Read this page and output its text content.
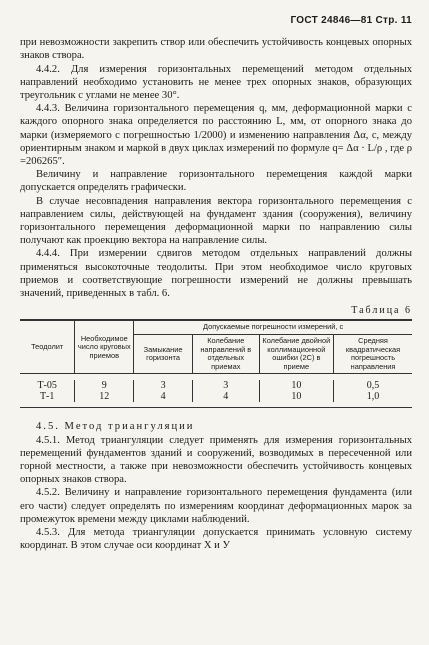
ГОСТ 24846—81 Стр. 11

при невозможности закрепить створ или обеспечить устойчивость концевых опорных знаков створа.

4.4.2. Для измерения горизонтальных перемещений методом отдельных направлений необходимо установить не менее трех опорных знаков, образующих треугольник с углами не менее 30°.

4.4.3. Величина горизонтального перемещения q, мм, деформационной марки с каждого опорного знака определяется по расстоянию L, мм, от опорного знака до марки (измеряемого с погрешностью 1/2000) и изменению направления Δα, с, между ориентирным знаком и маркой в двух циклах измерений по формуле q= Δα · L/ρ , где ρ =206265″.

Величину и направление горизонтального перемещения каждой марки допускается определять графически.

В случае несовпадения направления вектора горизонтального перемещения с направлением силы, действующей на фундамент здания (сооружения), величину горизонтального перемещения деформационной марки по направлению силы получают как проекцию вектора на направление силы.

4.4.4. При измерении сдвигов методом отдельных направлений должны применяться высокоточные теодолиты. При этом необходимое число круговых приемов и соответствующие погрешности измерений не должны превышать значений, приведенных в табл. 6.

Таблица 6
Теодолит	Необходимое число круговых приемов	Допускаемые погрешности измерений, с			
		Замыкание горизонта	Колебание направлений в отдельных приемах	Колебание двойной коллимационной ошибки (2С) в приеме	Средняя квадратическая погрешность направления

Т-05	9	3	3	10	0,5
Т-1	12	4	4	10	1,0

4.5. Метод триангуляции

4.5.1. Метод триангуляции следует применять для измерения горизонтальных перемещений фундаментов зданий и сооружений, возводимых в пересеченной или горной местности, а также при невозможности обеспечить устойчивость концевых опорных знаков створа.

4.5.2. Величину и направление горизонтального перемещения фундамента (или его части) следует определять по измерениям координат деформационных марок за промежуток времени между циклами наблюдений.

4.5.3. Для метода триангуляции допускается принимать условную систему координат. В этом случае оси координат X и У
